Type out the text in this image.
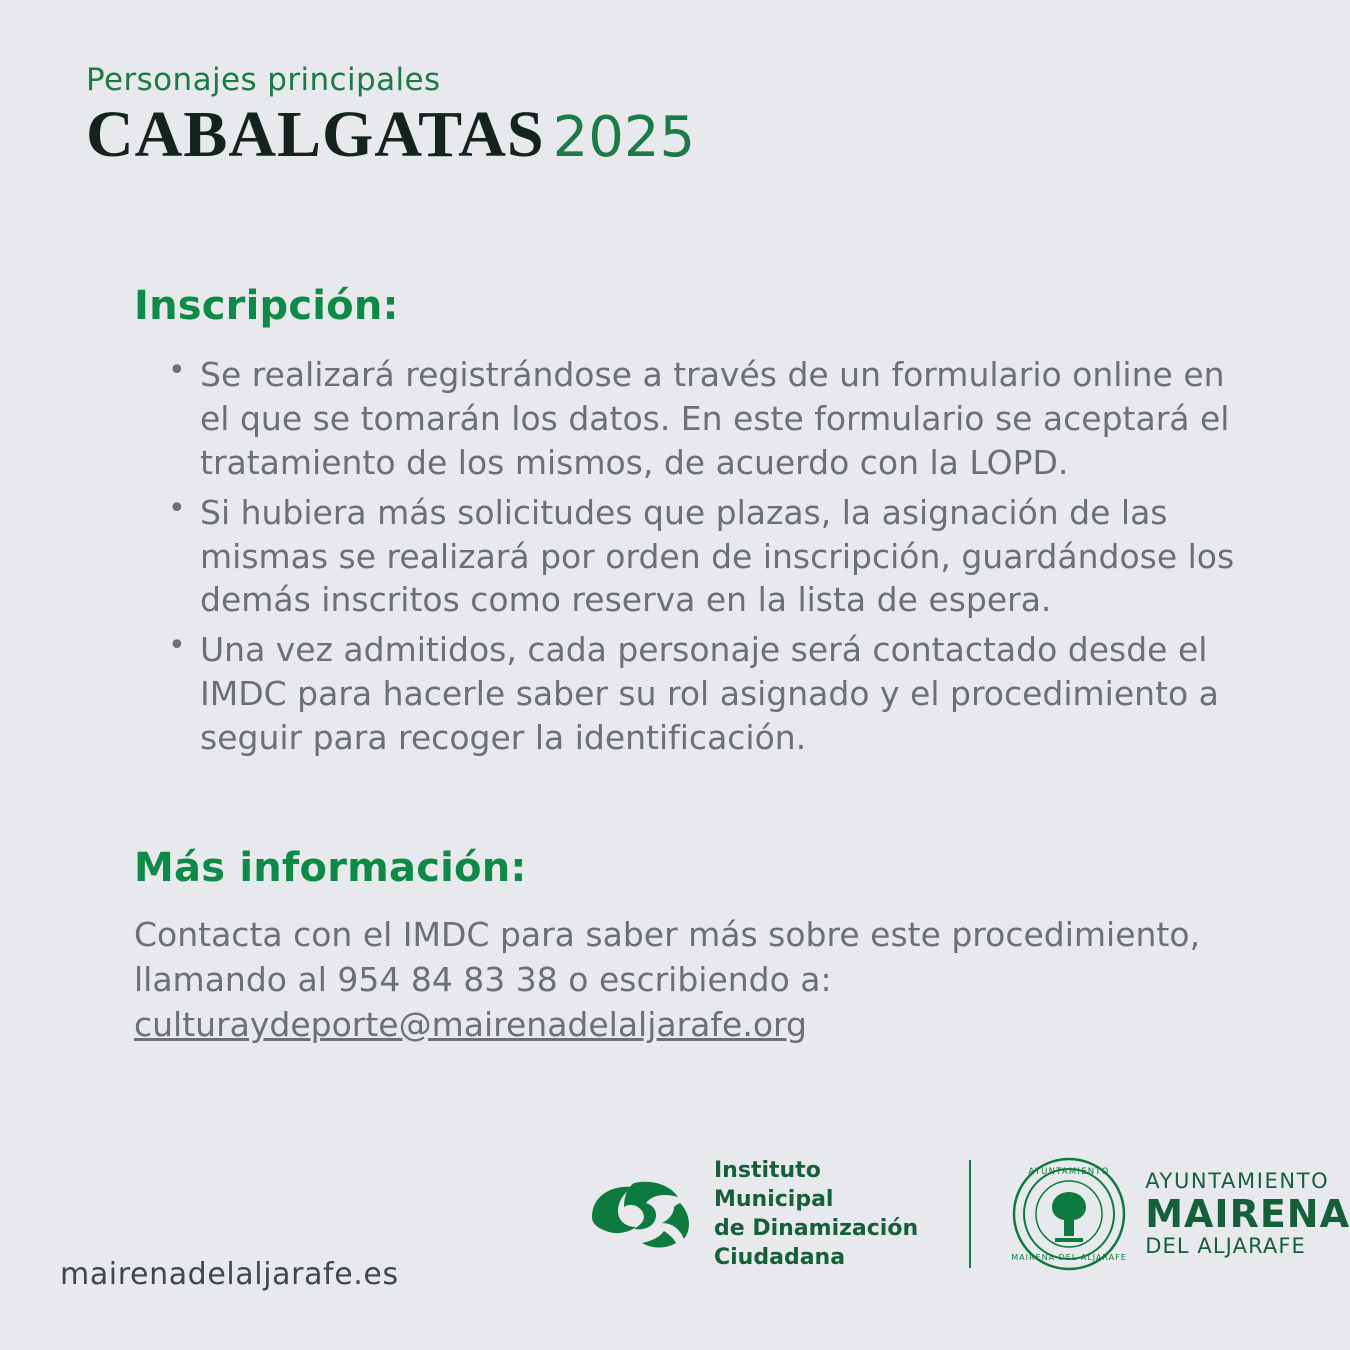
Personajes principales
CABALGATAS 2025
Inscripción:
• Se realizará registrándose a través de un formulario online en el que se tomarán los datos. En este formulario se aceptará el tratamiento de los mismos, de acuerdo con la LOPD.
• Si hubiera más solicitudes que plazas, la asignación de las mismas se realizará por orden de inscripción, guardándose los demás inscritos como reserva en la lista de espera.
• Una vez admitidos, cada personaje será contactado desde el IMDC para hacerle saber su rol asignado y el procedimiento a seguir para recoger la identificación.
Más información:
Contacta con el IMDC para saber más sobre este procedimiento, llamando al 954 84 83 38 o escribiendo a:
culturaydeporte@mairenadelaljarafe.org
Instituto Municipal
de Dinamización
Ciudadana
AYUNTAMIENTO
MAIRENA DEL ALJARAFE
AYUNTAMIENTO
MAIRENA
DEL ALJARAFE
mairenadelaljarafe.es
